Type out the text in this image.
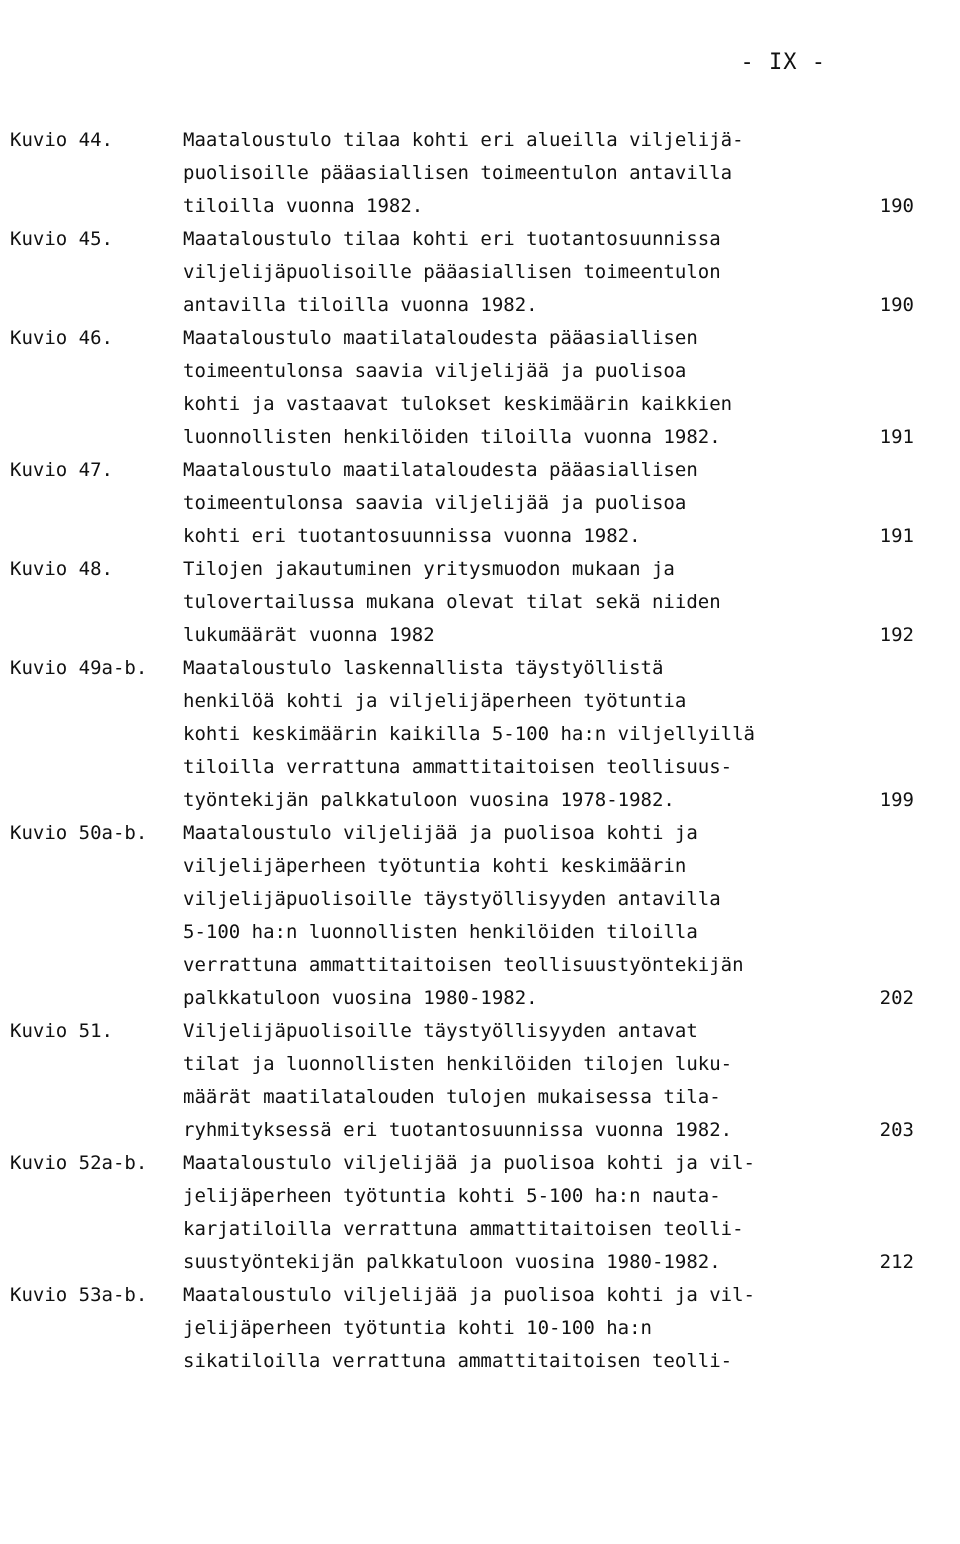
- IX -
Kuvio 44.	Maataloustulo tilaa kohti eri alueilla viljelijä-
puolisoille pääasiallisen toimeentulon antavilla
tiloilla vuonna 1982.	190
Kuvio 45.	Maataloustulo tilaa kohti eri tuotantosuunnissa
viljelijäpuolisoille pääasiallisen toimeentulon
antavilla tiloilla vuonna 1982.	190
Kuvio 46.	Maataloustulo maatilataloudesta pääasiallisen
toimeentulonsa saavia viljelijää ja puolisoa
kohti ja vastaavat tulokset keskimäärin kaikkien
luonnollisten henkilöiden tiloilla vuonna 1982.	191
Kuvio 47.	Maataloustulo maatilataloudesta pääasiallisen
toimeentulonsa saavia viljelijää ja puolisoa
kohti eri tuotantosuunnissa vuonna 1982.	191
Kuvio 48.	Tilojen jakautuminen yritysmuodon mukaan ja
tulovertailussa mukana olevat tilat sekä niiden
lukumäärät vuonna 1982	192
Kuvio 49a-b. Maataloustulo laskennallista täystyöllistä
henkilöä kohti ja viljelijäperheen työtuntia
kohti keskimäärin kaikilla 5-100 ha:n viljellyillä
tiloilla verrattuna ammattitaitoisen teollisuus-
työntekijän palkkatuloon vuosina 1978-1982.	199
Kuvio 50a-b. Maataloustulo viljelijää ja puolisoa kohti ja
viljelijäperheen työtuntia kohti keskimäärin
viljelijäpuolisoille täystyöllisyyden antavilla
5-100 ha:n luonnollisten henkilöiden tiloilla
verrattuna ammattitaitoisen teollisuustyöntekijän
palkkatuloon vuosina 1980-1982.	202
Kuvio 51.	Viljelijäpuolisoille täystyöllisyyden antavat
tilat ja luonnollisten henkilöiden tilojen luku-
määrät maatilatalouden tulojen mukaisessa tila-
ryhmityksessä eri tuotantosuunnissa vuonna 1982.	203
Kuvio 52a-b. Maataloustulo viljelijää ja puolisoa kohti ja vil-
jelijäperheen työtuntia kohti 5-100 ha:n nauta-
karjatiloilla verrattuna ammattitaitoisen teolli-
suustyöntekijän palkkatuloon vuosina 1980-1982.	212
Kuvio 53a-b. Maataloustulo viljelijää ja puolisoa kohti ja vil-
jelijäperheen työtuntia kohti 10-100 ha:n
sikatiloilla verrattuna ammattitaitoisen teolli-
